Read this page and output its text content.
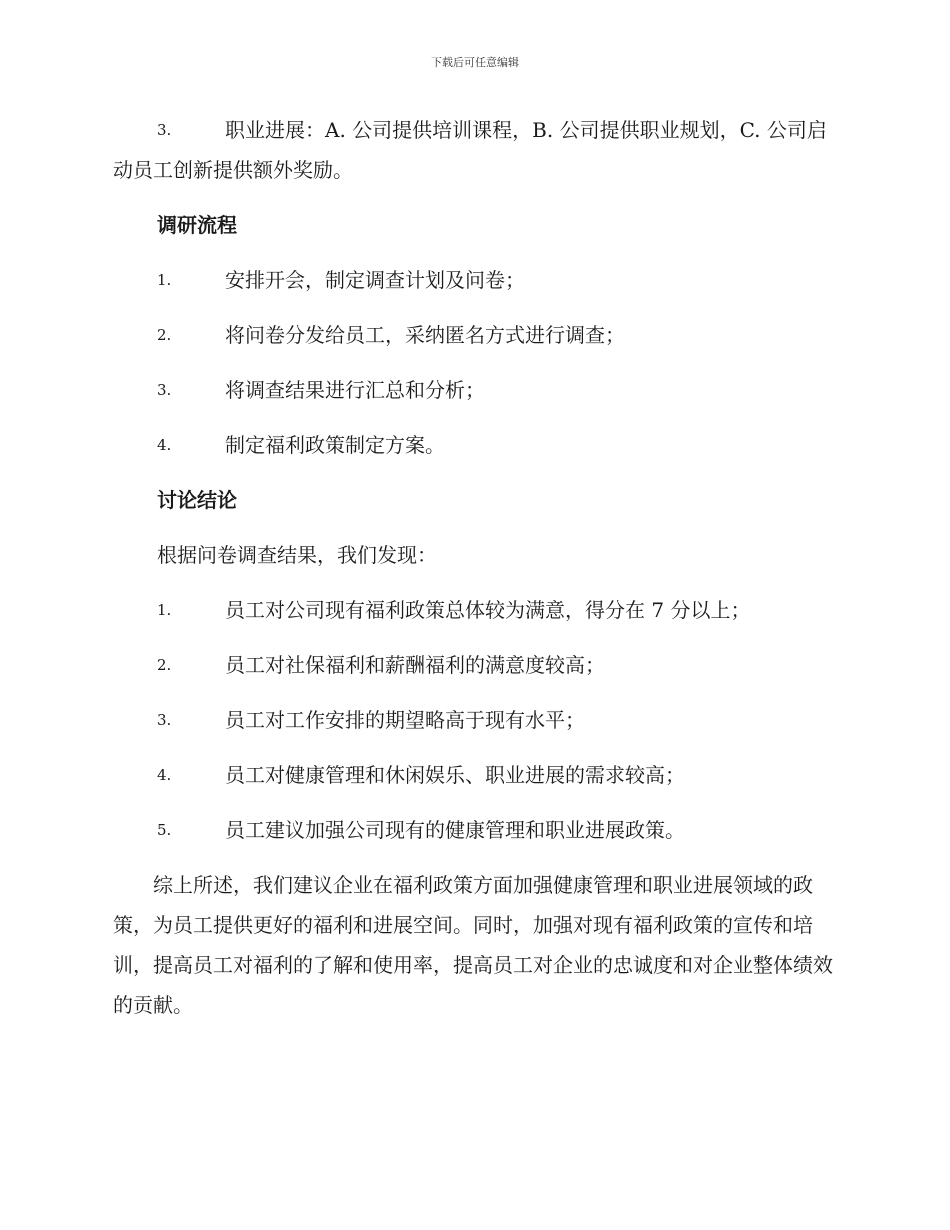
下载后可任意编辑
3.	职业进展：A. 公司提供培训课程，B. 公司提供职业规划，C. 公司启动员工创新提供额外奖励。
调研流程
1.	安排开会，制定调查计划及问卷；
2.	将问卷分发给员工，采纳匿名方式进行调查；
3.	将调查结果进行汇总和分析；
4.	制定福利政策制定方案。
讨论结论
根据问卷调查结果，我们发现：
1.	员工对公司现有福利政策总体较为满意，得分在 7 分以上；
2.	员工对社保福利和薪酬福利的满意度较高；
3.	员工对工作安排的期望略高于现有水平；
4.	员工对健康管理和休闲娱乐、职业进展的需求较高；
5.	员工建议加强公司现有的健康管理和职业进展政策。
综上所述，我们建议企业在福利政策方面加强健康管理和职业进展领域的政策，为员工提供更好的福利和进展空间。同时，加强对现有福利政策的宣传和培训，提高员工对福利的了解和使用率，提高员工对企业的忠诚度和对企业整体绩效的贡献。
